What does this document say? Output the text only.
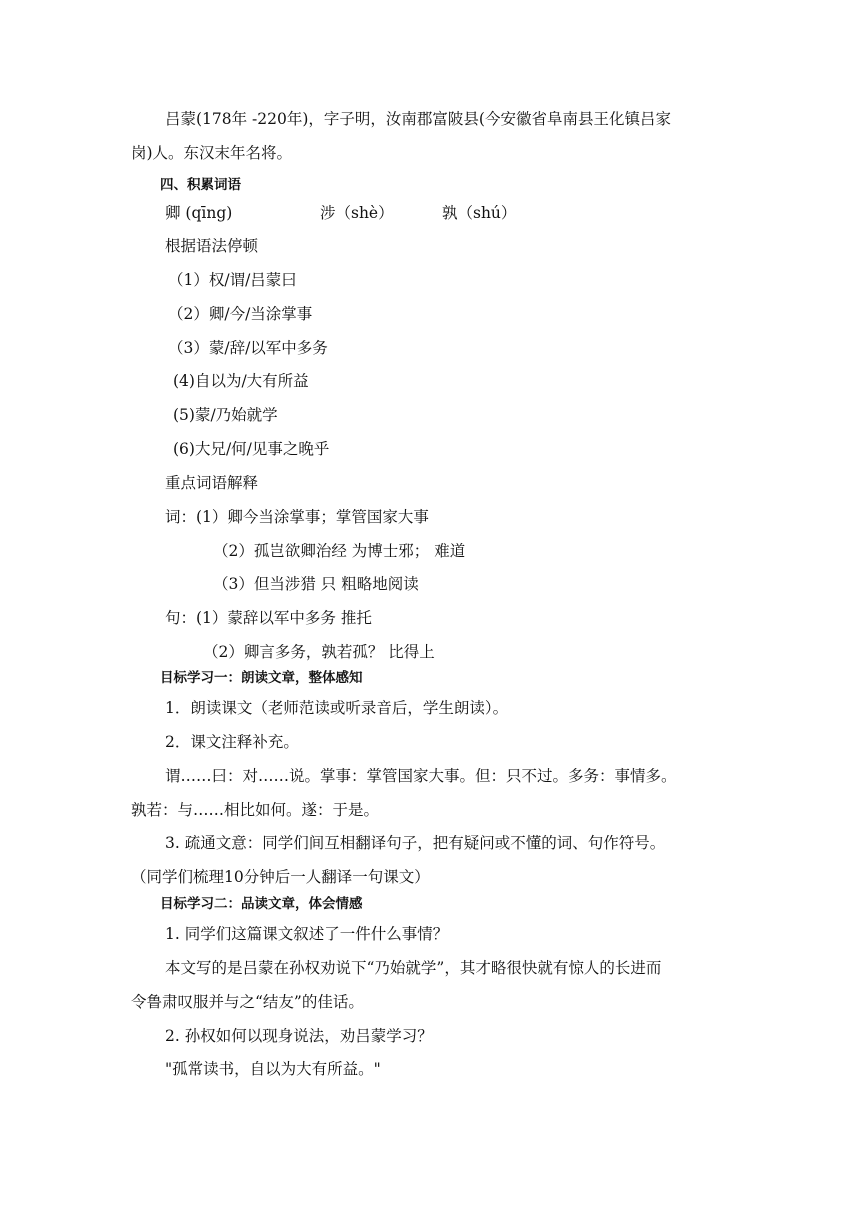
吕蒙(178年 -220年)，字子明，汝南郡富陂县(今安徽省阜南县王化镇吕家
岗)人。东汉末年名将。
四、积累词语
卿 (qīng)	涉（shè）	孰（shú）
根据语法停顿
（1）权/谓/吕蒙曰
（2）卿/今/当涂掌事
（3）蒙/辞/以军中多务
(4)自以为/大有所益
(5)蒙/乃始就学
(6)大兄/何/见事之晚乎
重点词语解释
词：(1）卿今当涂掌事；掌管国家大事
（2）孤岂欲卿治经 为博士邪； 难道
（3）但当涉猎 只 粗略地阅读
句：(1）蒙辞以军中多务 推托
（2）卿言多务，孰若孤？ 比得上
目标学习一：朗读文章，整体感知
1．朗读课文（老师范读或听录音后，学生朗读）。
2．课文注释补充。
谓……曰：对……说。掌事：掌管国家大事。但：只不过。多务：事情多。
孰若：与……相比如何。遂：于是。
3. 疏通文意：同学们间互相翻译句子，把有疑问或不懂的词、句作符号。
（同学们梳理10分钟后一人翻译一句课文）
目标学习二：品读文章，体会情感
1. 同学们这篇课文叙述了一件什么事情？
本文写的是吕蒙在孙权劝说下“乃始就学”，其才略很快就有惊人的长进而
令鲁肃叹服并与之“结友”的佳话。
2. 孙权如何以现身说法，劝吕蒙学习？
"孤常读书，自以为大有所益。"
